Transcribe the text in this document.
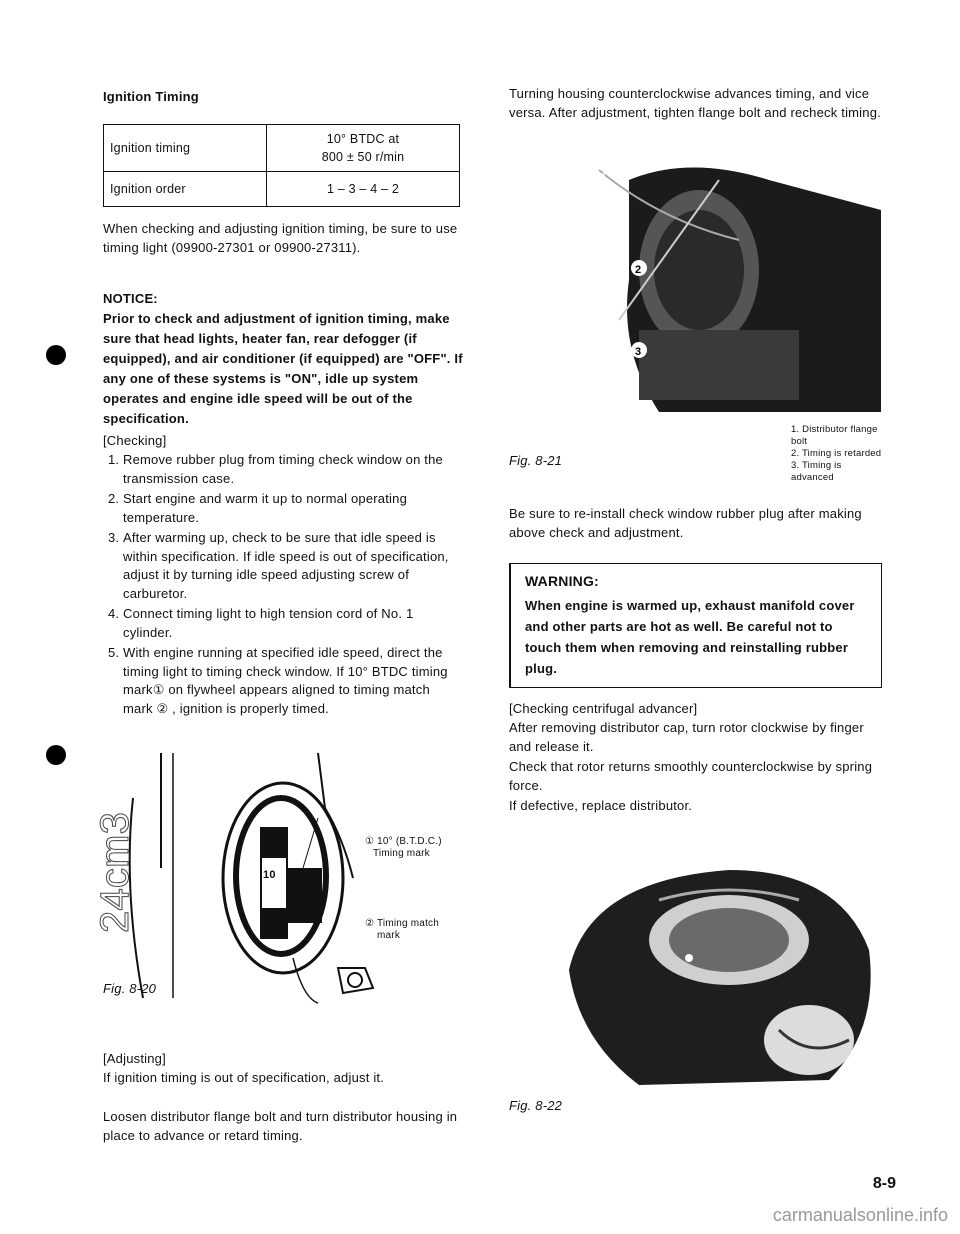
Ignition Timing
Ignition timing	10° BTDC at
800 ± 50 r/min

Ignition order	1 – 3 – 4 – 2

When checking and adjusting ignition timing, be sure to use timing light (09900-27301 or 09900-27311).

NOTICE:

Prior to check and adjustment of ignition timing, make sure that head lights, heater fan, rear defogger (if equipped), and air conditioner (if equipped) are "OFF". If any one of these systems is "ON", idle up system operates and engine idle speed will be out of the specification.

[Checking]

1. Remove rubber plug from timing check window on the transmission case.
2. Start engine and warm it up to normal operating temperature.
3. After warming up, check to be sure that idle speed is within specification. If idle speed is out of specification, adjust it by turning idle speed adjusting screw of carburetor.
4. Connect timing light to high tension cord of No. 1 cylinder.
5. With engine running at specified idle speed, direct the timing light to timing check window. If 10° BTDC timing mark① on flywheel appears aligned to timing match mark ② , ignition is properly timed.
24cm3	10
① 10° (B.T.D.C.)
Timing mark
② Timing match
mark
Fig. 8-20

[Adjusting]

If ignition timing is out of specification, adjust it.

Loosen distributor flange bolt and turn distributor housing in place to advance or retard timing.

Turning housing counterclockwise advances timing, and vice versa. After adjustment, tighten flange bolt and recheck timing.

1
2
3
1. Distributor flange bolt
2. Timing is retarded
3. Timing is advanced
Fig. 8-21

Be sure to re-install check window rubber plug after making above check and adjustment.

WARNING:
When engine is warmed up, exhaust manifold cover and other parts are hot as well. Be careful not to touch them when removing and reinstalling rubber plug.

[Checking centrifugal advancer]

After removing distributor cap, turn rotor clockwise by finger and release it.

Check that rotor returns smoothly counterclockwise by spring force.

If defective, replace distributor.

Fig. 8-22
8-9
carmanualsonline.info
